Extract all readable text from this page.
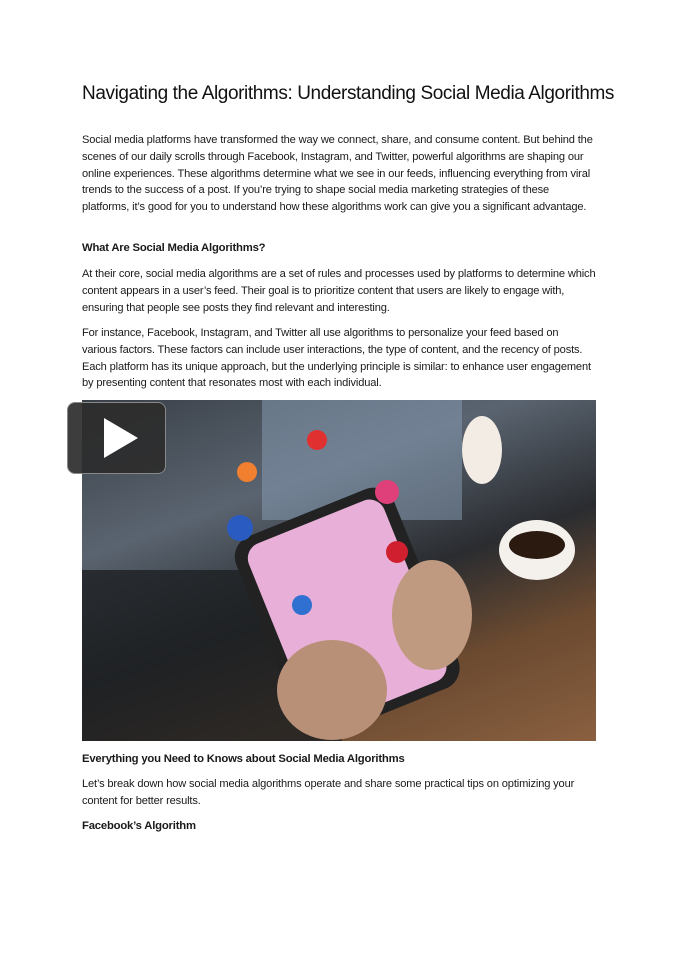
Navigating the Algorithms: Understanding Social Media Algorithms
Social media platforms have transformed the way we connect, share, and consume content. But behind the scenes of our daily scrolls through Facebook, Instagram, and Twitter, powerful algorithms are shaping our online experiences. These algorithms determine what we see in our feeds, influencing everything from viral trends to the success of a post. If you’re trying to shape social media marketing strategies of these platforms, it’s good for you to understand how these algorithms work can give you a significant advantage.
What Are Social Media Algorithms?
At their core, social media algorithms are a set of rules and processes used by platforms to determine which content appears in a user’s feed. Their goal is to prioritize content that users are likely to engage with, ensuring that people see posts they find relevant and interesting.
For instance, Facebook, Instagram, and Twitter all use algorithms to personalize your feed based on various factors. These factors can include user interactions, the type of content, and the recency of posts. Each platform has its unique approach, but the underlying principle is similar: to enhance user engagement by presenting content that resonates most with each individual.
Everything you Need to Knows about Social Media Algorithms
Let’s break down how social media algorithms operate and share some practical tips on optimizing your content for better results.
Facebook’s Algorithm
